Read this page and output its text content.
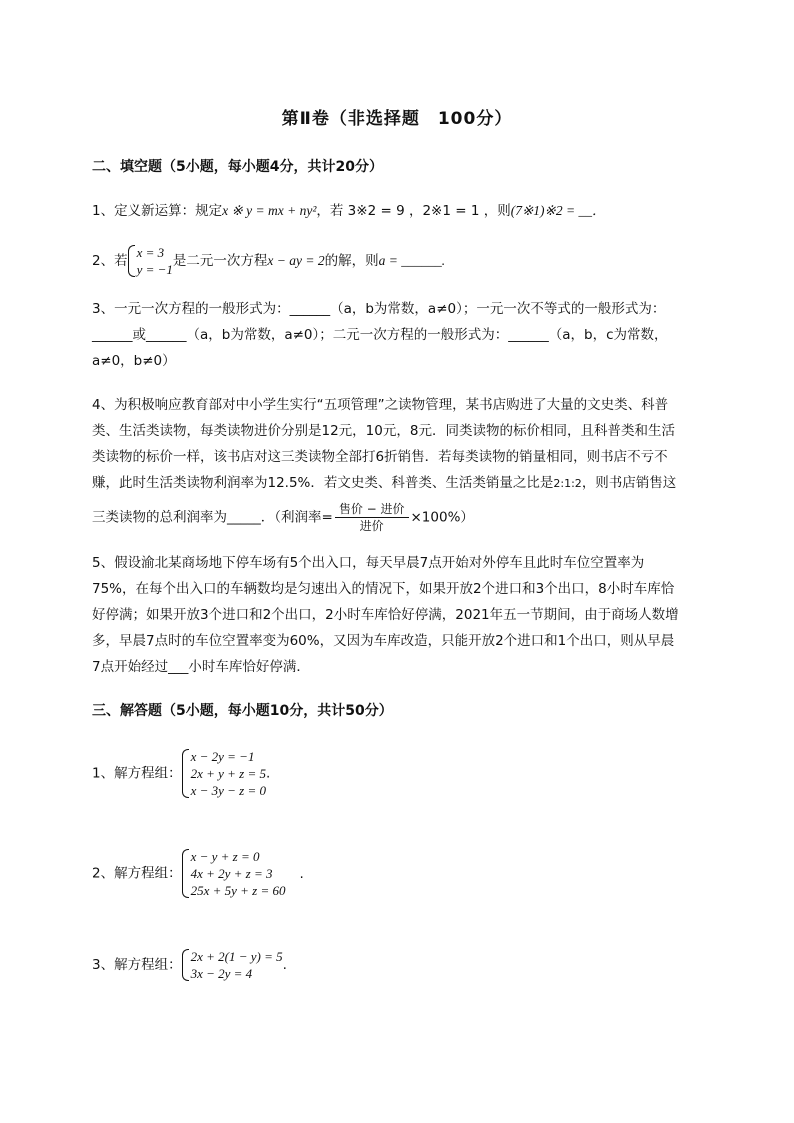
第Ⅱ卷（非选择题　100分）
二、填空题（5小题，每小题4分，共计20分）
1、定义新运算：规定x ※ y = mx + ny²，若 3※2 = 9 ，2※1 = 1 ，则(7※1)※2 = __．
2、若
x = 3
y = −1
是二元一次方程x − ay = 2的解，则a = ______.
3、一元一次方程的一般形式为：______（a，b为常数，a≠0）；一元一次不等式的一般形式为：
______或______（a，b为常数，a≠0）；二元一次方程的一般形式为：______（a，b，c为常数，
a≠0，b≠0）
4、为积极响应教育部对中小学生实行“五项管理”之读物管理，某书店购进了大量的文史类、科普
类、生活类读物，每类读物进价分别是12元，10元，8元．同类读物的标价相同，且科普类和生活
类读物的标价一样，该书店对这三类读物全部打6折销售．若每类读物的销量相同，则书店不亏不
赚，此时生活类读物利润率为12.5%．若文史类、科普类、生活类销量之比是2:1:2，则书店销售这
三类读物的总利润率为_____．（利润率= $\frac{\text{售价 − 进价}}{\text{进价}} \times 100\%$）
5、假设渝北某商场地下停车场有5个出入口，每天早晨7点开始对外停车且此时车位空置率为
75%，在每个出入口的车辆数均是匀速出入的情况下，如果开放2个进口和3个出口，8小时车库恰
好停满；如果开放3个进口和2个出口，2小时车库恰好停满，2021年五一节期间，由于商场人数增
多，早晨7点时的车位空置率变为60%，又因为车库改造，只能开放2个进口和1个出口，则从早晨
7点开始经过___小时车库恰好停满．
三、解答题（5小题，每小题10分，共计50分）
1、解方程组：
x − 2y = −1
2x + y + z = 5
x − 3y − z = 0
.
2、解方程组：
x − y + z = 0
4x + 2y + z = 3
25x + 5y + z = 60
.
3、解方程组：
2x + 2(1 − y) = 5
3x − 2y = 4
.
